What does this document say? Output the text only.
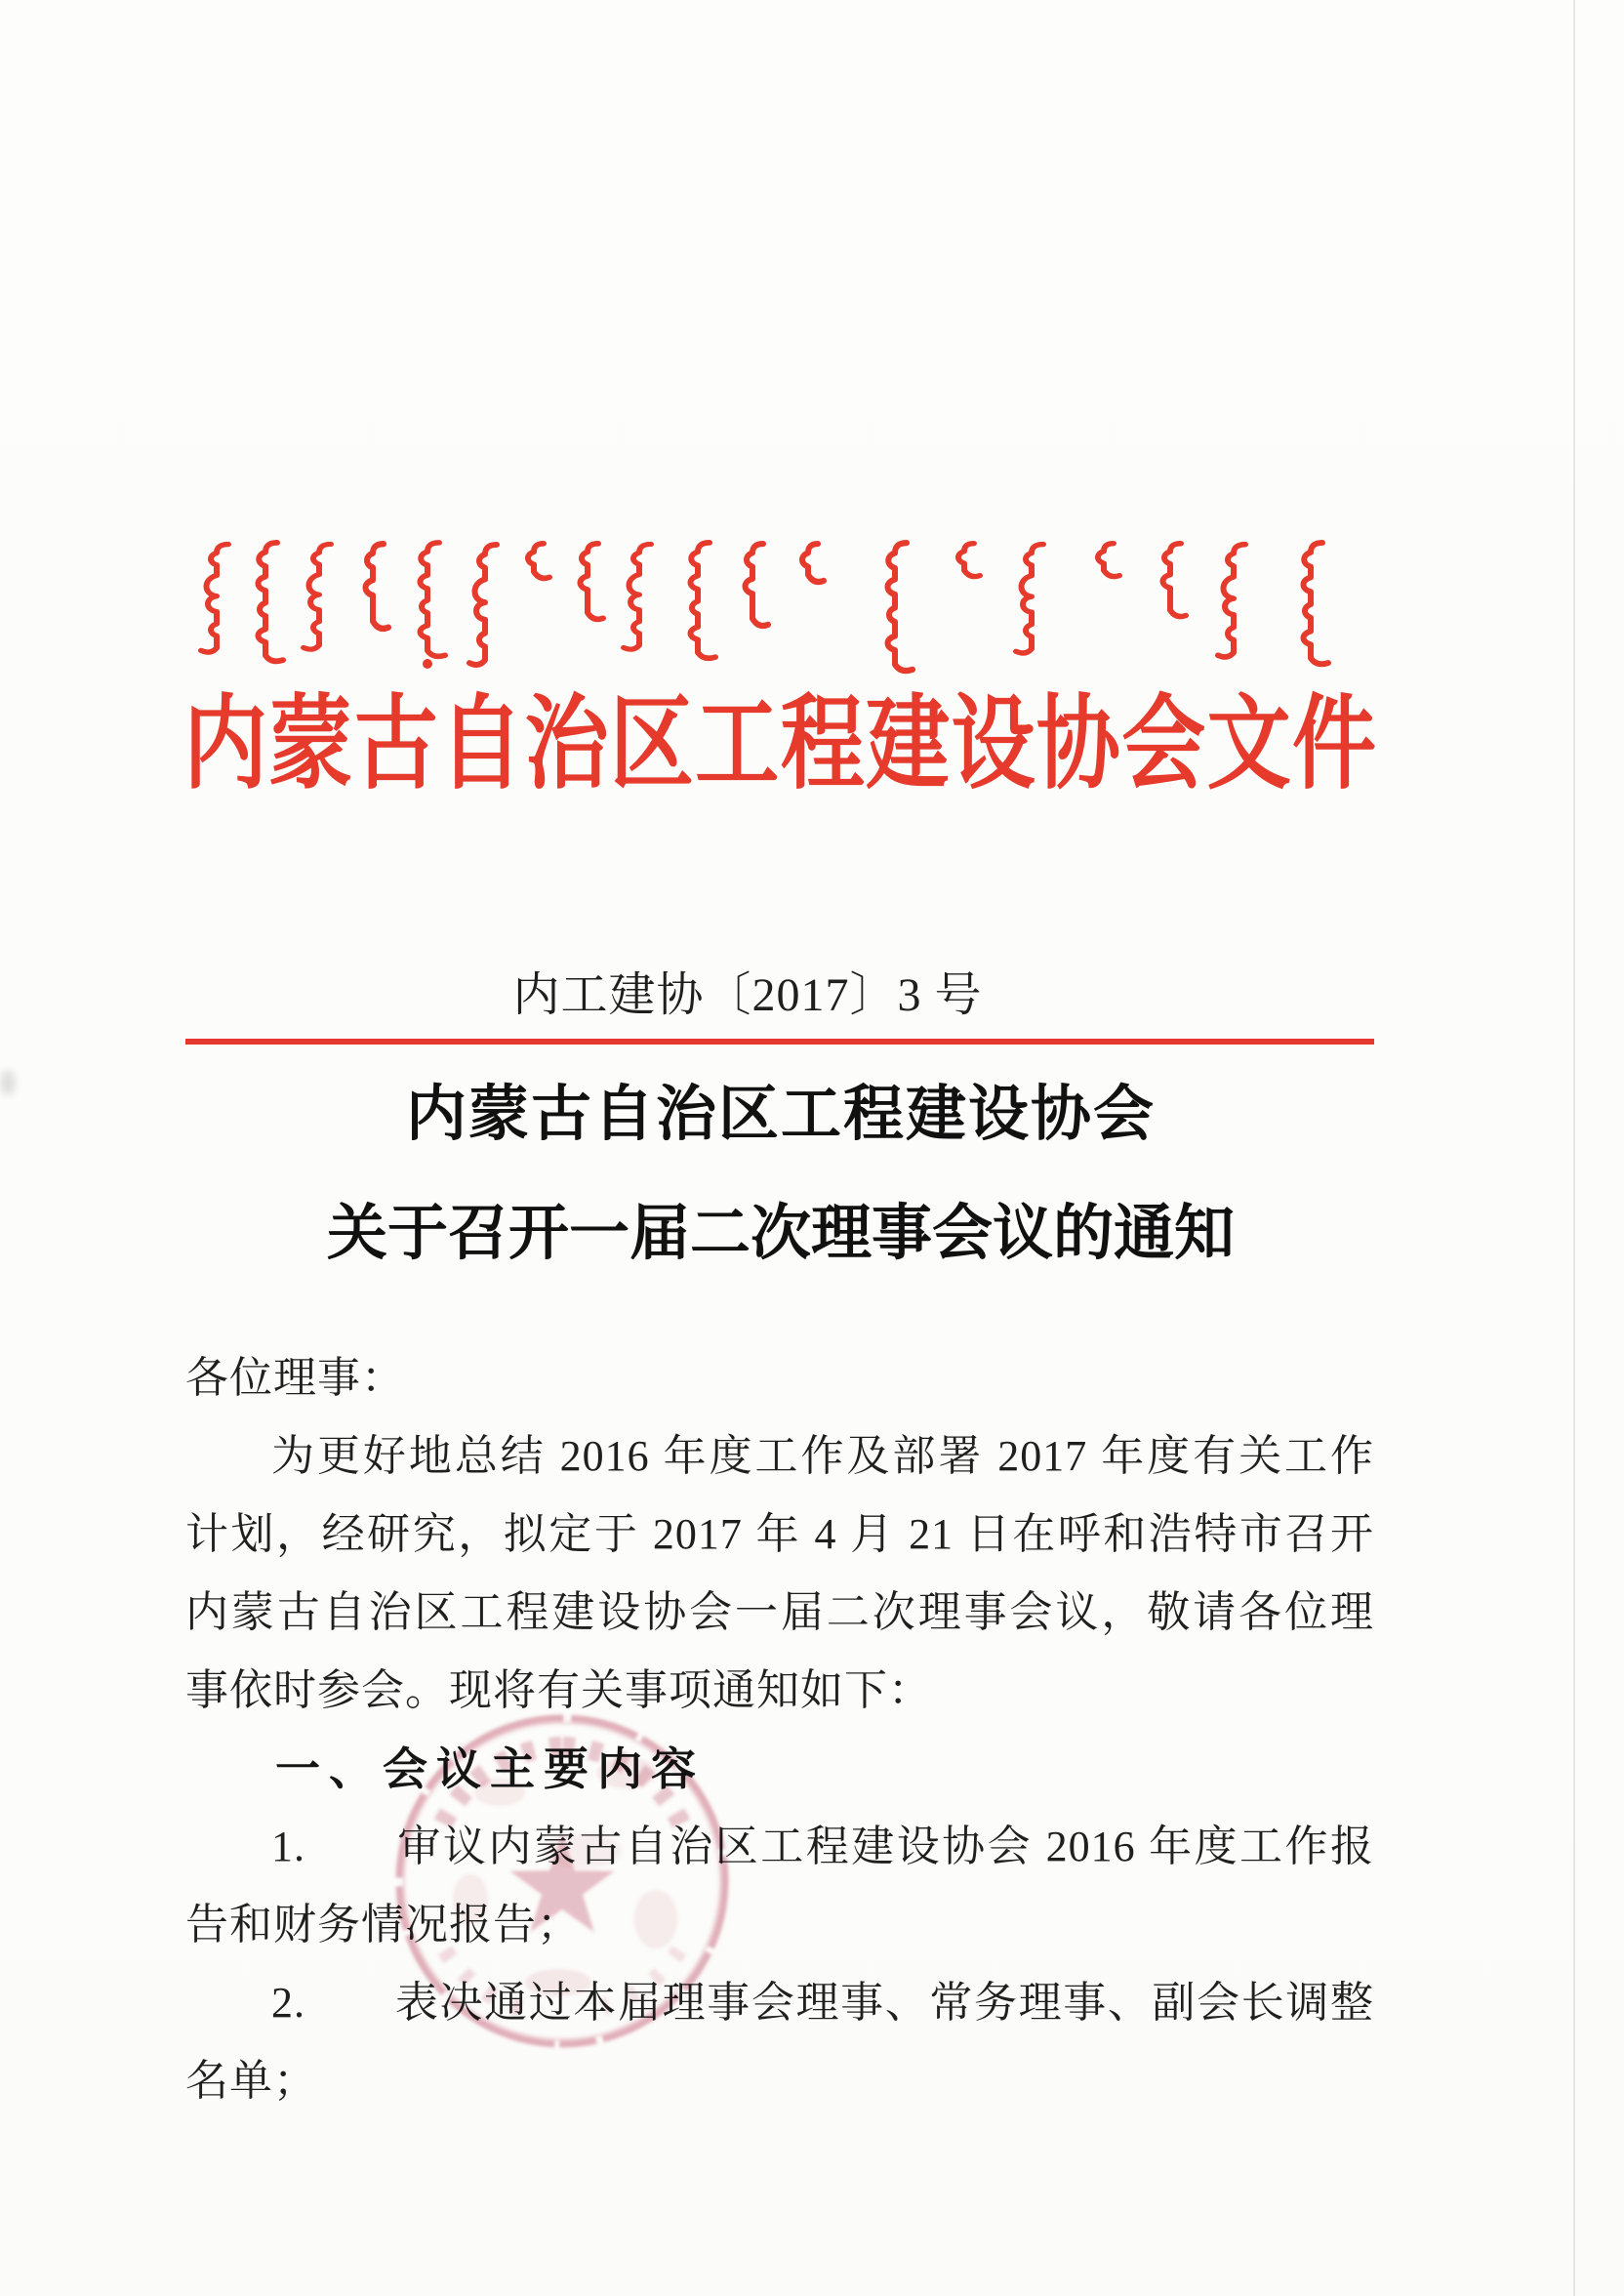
内蒙古自治区工程建设协会文件
内工建协〔2017〕3 号
内蒙古自治区工程建设协会
关于召开一届二次理事会议的通知
各位理事：
为更好地总结 2016 年度工作及部署 2017 年度有关工作
计划，经研究，拟定于 2017 年 4 月 21 日在呼和浩特市召开
内蒙古自治区工程建设协会一届二次理事会议，敬请各位理
事依时参会。现将有关事项通知如下：
一、会议主要内容
1.　　审议内蒙古自治区工程建设协会 2016 年度工作报
告和财务情况报告；
2.　　表决通过本届理事会理事、常务理事、副会长调整
名单；
